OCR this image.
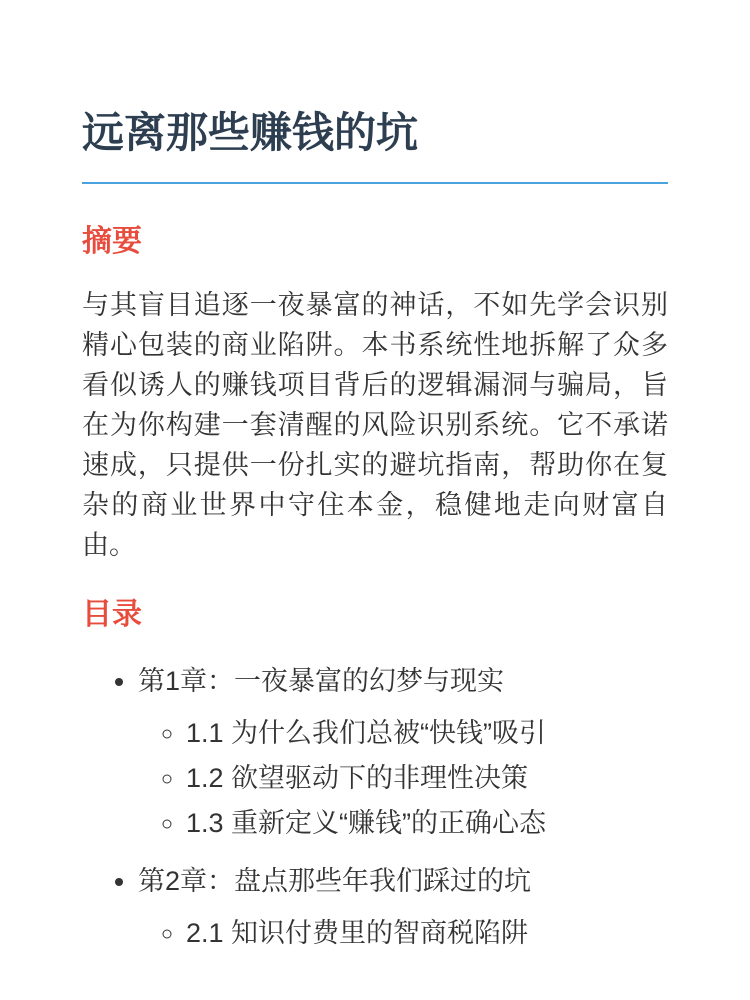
远离那些赚钱的坑
摘要

与其盲目追逐一夜暴富的神话，不如先学会识别精心包装的商业陷阱。本书系统性地拆解了众多看似诱人的赚钱项目背后的逻辑漏洞与骗局，旨在为你构建一套清醒的风险识别系统。它不承诺速成，只提供一份扎实的避坑指南，帮助你在复杂的商业世界中守住本金，稳健地走向财富自由。

目录
• 第1章：一夜暴富的幻梦与现实
◦ 1.1 为什么我们总被“快钱”吸引
◦ 1.2 欲望驱动下的非理性决策
◦ 1.3 重新定义“赚钱”的正确心态
• 第2章：盘点那些年我们踩过的坑
◦ 2.1 知识付费里的智商税陷阱
